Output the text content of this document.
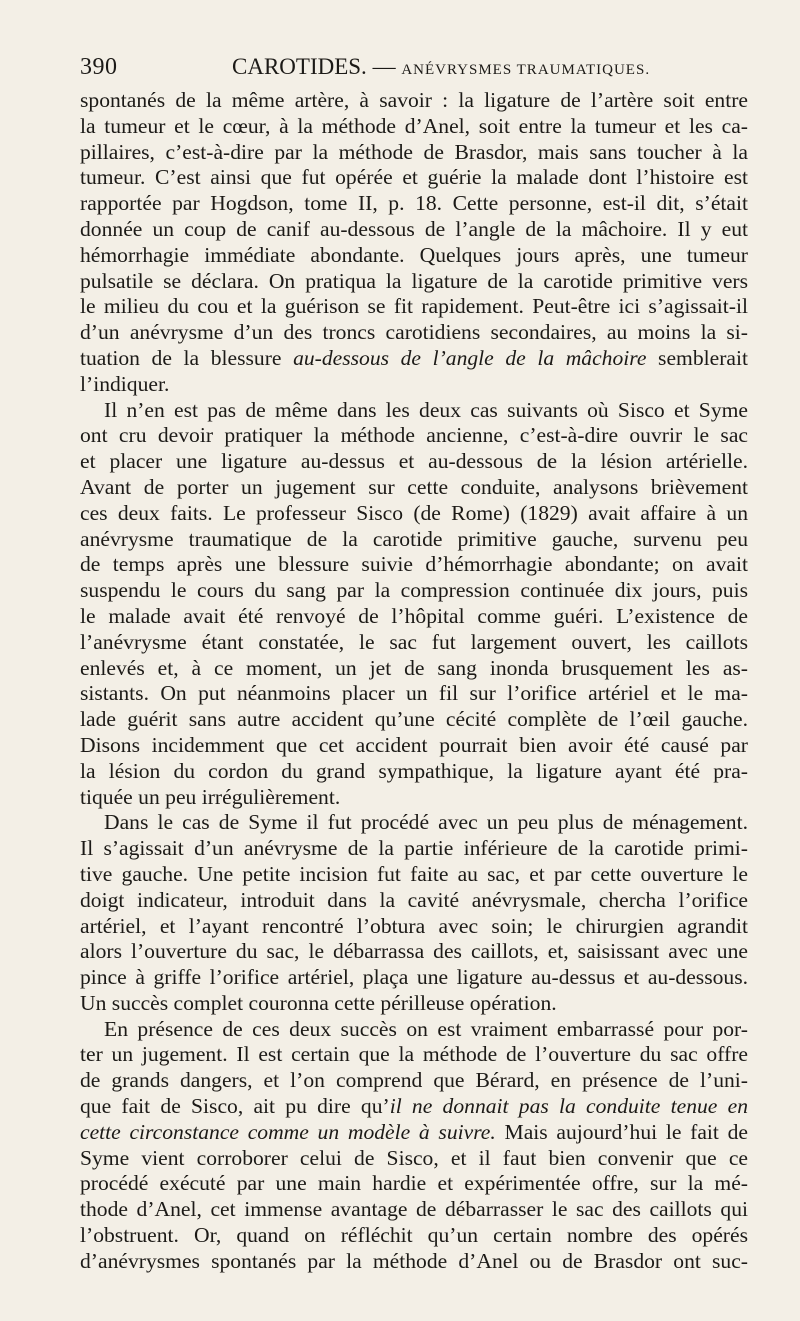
390	CAROTIDES. — ANÉVRYSMES TRAUMATIQUES.
spontanés de la même artère, à savoir : la ligature de l’artère soit entre
la tumeur et le cœur, à la méthode d’Anel, soit entre la tumeur et les ca-
pillaires, c’est-à-dire par la méthode de Brasdor, mais sans toucher à la
tumeur. C’est ainsi que fut opérée et guérie la malade dont l’histoire est
rapportée par Hogdson, tome II, p. 18. Cette personne, est-il dit, s’était
donnée un coup de canif au-dessous de l’angle de la mâchoire. Il y eut
hémorrhagie immédiate abondante. Quelques jours après, une tumeur
pulsatile se déclara. On pratiqua la ligature de la carotide primitive vers
le milieu du cou et la guérison se fit rapidement. Peut-être ici s’agissait-il
d’un anévrysme d’un des troncs carotidiens secondaires, au moins la si-
tuation de la blessure au-dessous de l’angle de la mâchoire semblerait
l’indiquer.
Il n’en est pas de même dans les deux cas suivants où Sisco et Syme
ont cru devoir pratiquer la méthode ancienne, c’est-à-dire ouvrir le sac
et placer une ligature au-dessus et au-dessous de la lésion artérielle.
Avant de porter un jugement sur cette conduite, analysons brièvement
ces deux faits. Le professeur Sisco (de Rome) (1829) avait affaire à un
anévrysme traumatique de la carotide primitive gauche, survenu peu
de temps après une blessure suivie d’hémorrhagie abondante; on avait
suspendu le cours du sang par la compression continuée dix jours, puis
le malade avait été renvoyé de l’hôpital comme guéri. L’existence de
l’anévrysme étant constatée, le sac fut largement ouvert, les caillots
enlevés et, à ce moment, un jet de sang inonda brusquement les as-
sistants. On put néanmoins placer un fil sur l’orifice artériel et le ma-
lade guérit sans autre accident qu’une cécité complète de l’œil gauche.
Disons incidemment que cet accident pourrait bien avoir été causé par
la lésion du cordon du grand sympathique, la ligature ayant été pra-
tiquée un peu irrégulièrement.
Dans le cas de Syme il fut procédé avec un peu plus de ménagement.
Il s’agissait d’un anévrysme de la partie inférieure de la carotide primi-
tive gauche. Une petite incision fut faite au sac, et par cette ouverture le
doigt indicateur, introduit dans la cavité anévrysmale, chercha l’orifice
artériel, et l’ayant rencontré l’obtura avec soin; le chirurgien agrandit
alors l’ouverture du sac, le débarrassa des caillots, et, saisissant avec une
pince à griffe l’orifice artériel, plaça une ligature au-dessus et au-dessous.
Un succès complet couronna cette périlleuse opération.
En présence de ces deux succès on est vraiment embarrassé pour por-
ter un jugement. Il est certain que la méthode de l’ouverture du sac offre
de grands dangers, et l’on comprend que Bérard, en présence de l’uni-
que fait de Sisco, ait pu dire qu’il ne donnait pas la conduite tenue en
cette circonstance comme un modèle à suivre. Mais aujourd’hui le fait de
Syme vient corroborer celui de Sisco, et il faut bien convenir que ce
procédé exécuté par une main hardie et expérimentée offre, sur la mé-
thode d’Anel, cet immense avantage de débarrasser le sac des caillots qui
l’obstruent. Or, quand on réfléchit qu’un certain nombre des opérés
d’anévrysmes spontanés par la méthode d’Anel ou de Brasdor ont suc-
